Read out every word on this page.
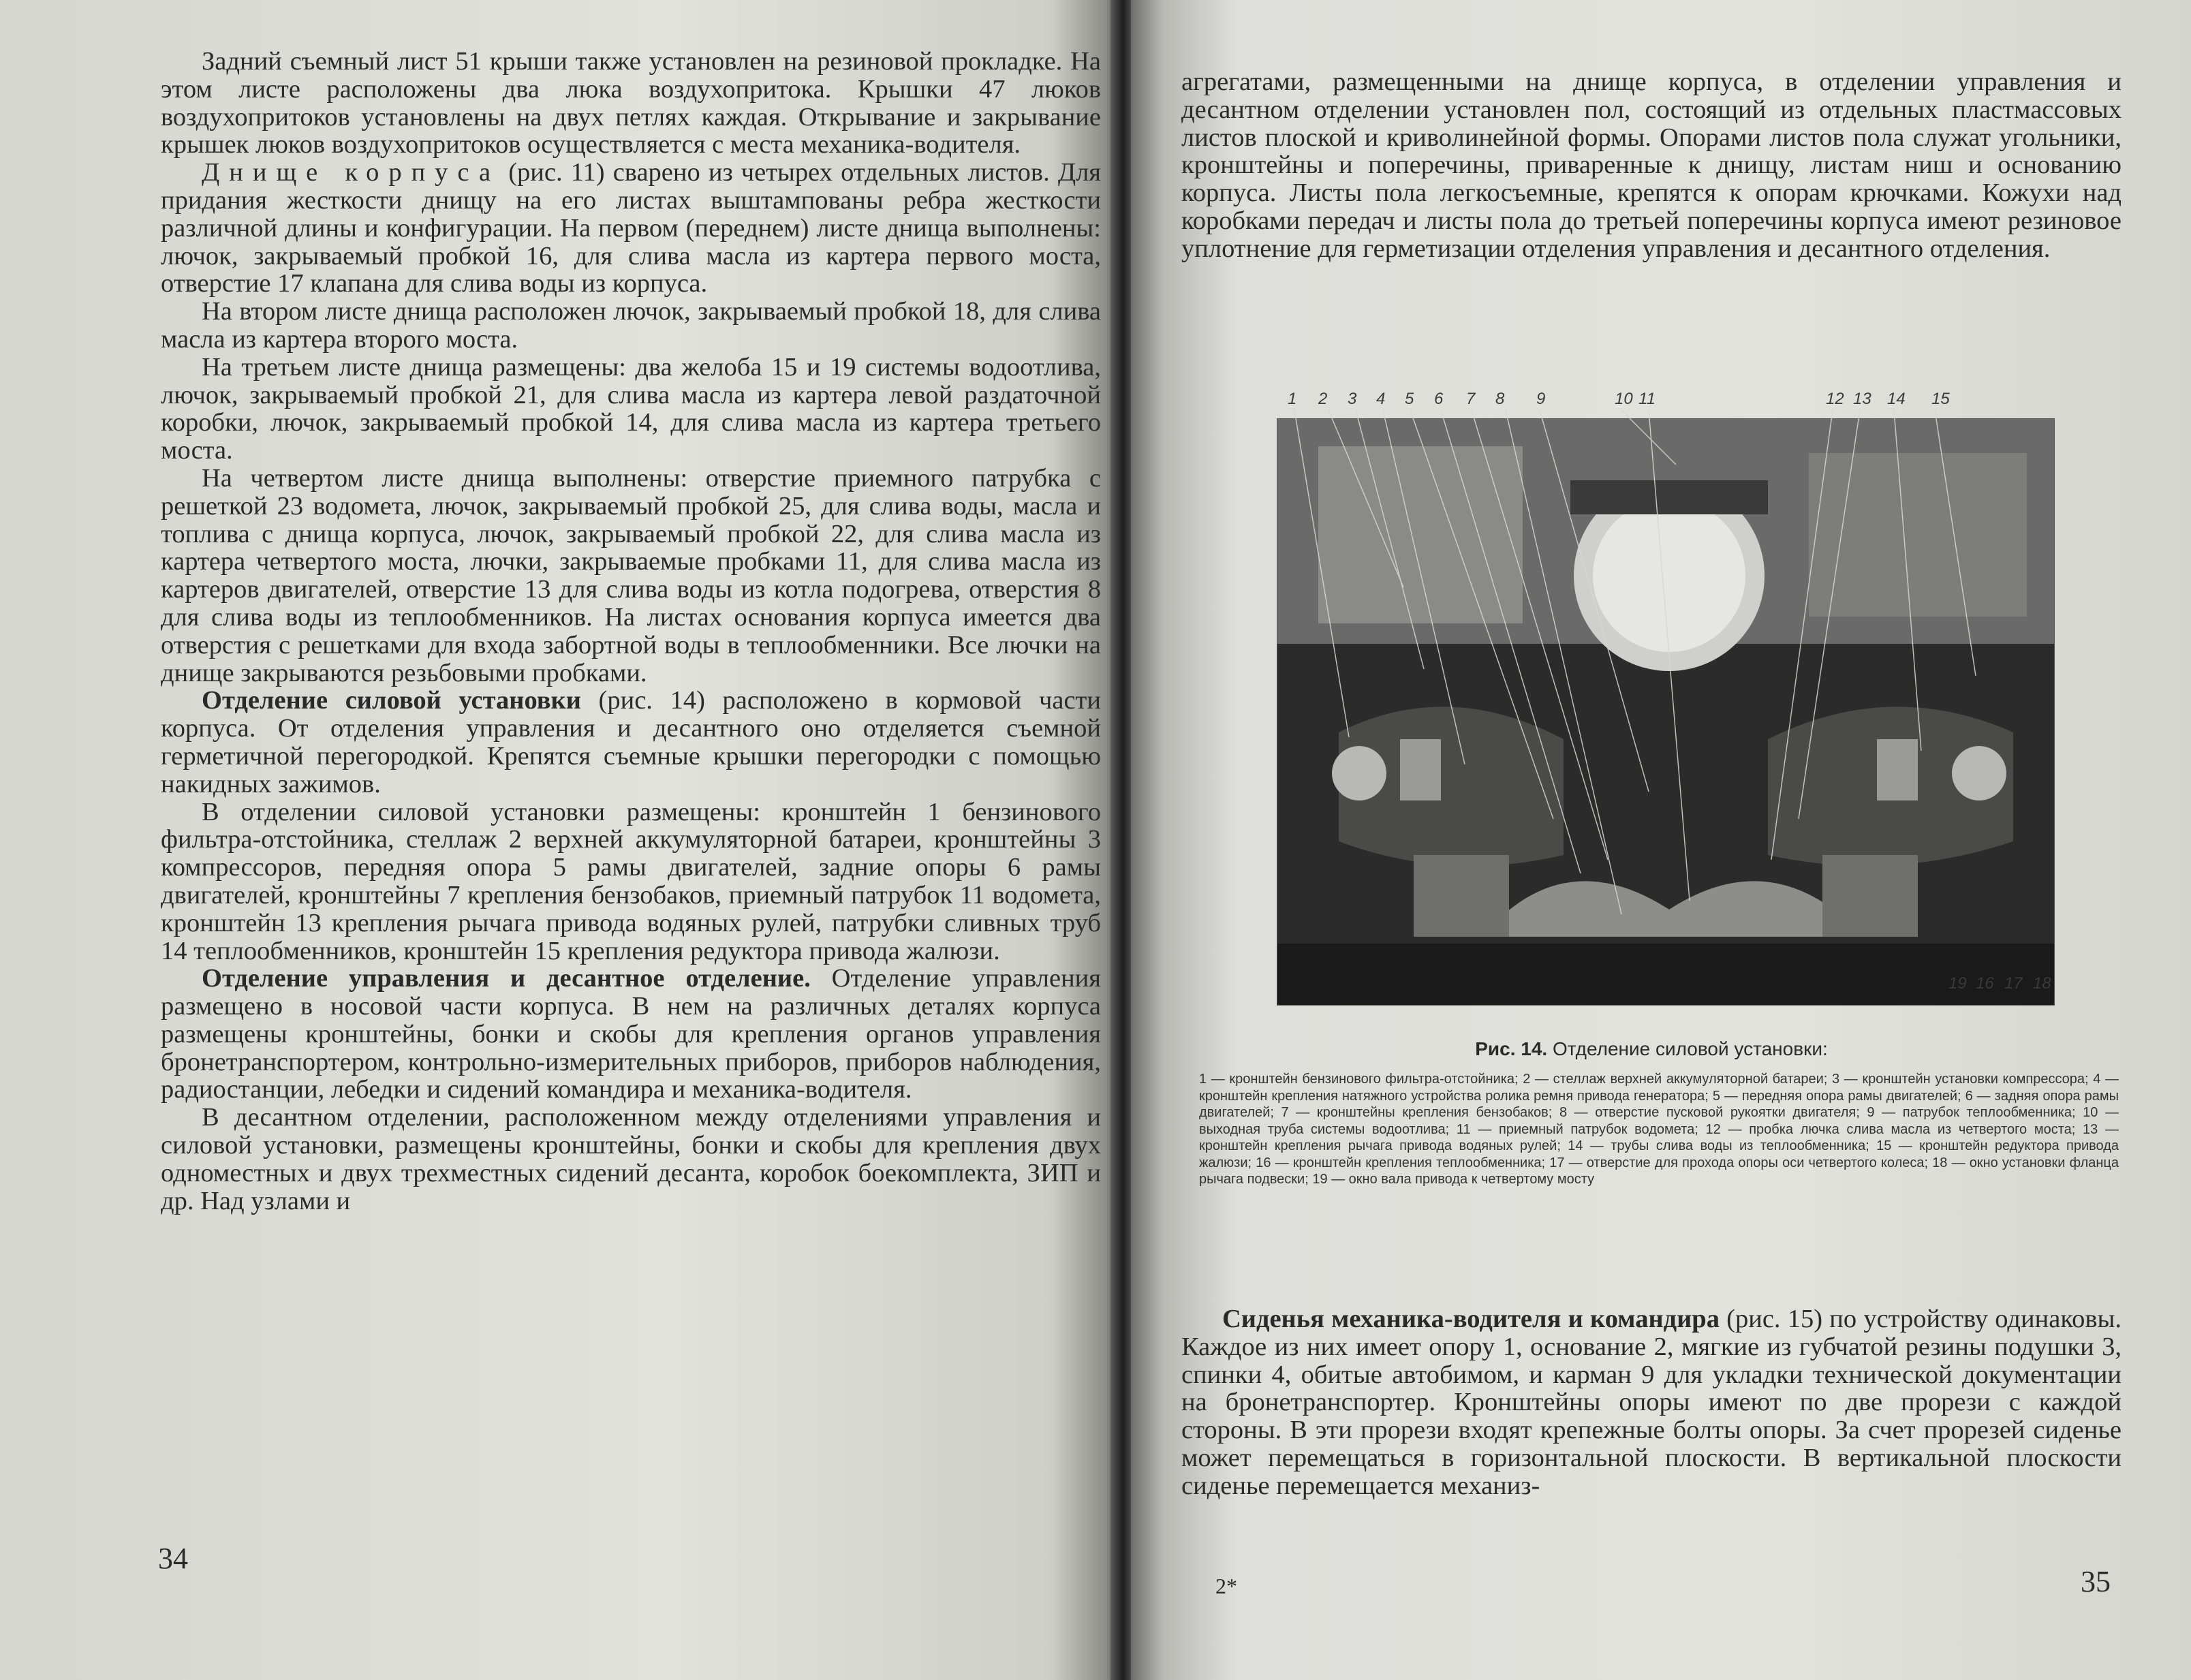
Задний съемный лист 51 крыши также установлен на резиновой прокладке. На этом листе расположены два люка воздухопритока. Крышки 47 люков воздухопритоков установлены на двух петлях каждая. Открывание и закрывание крышек люков воздухопритоков осуществляется с места механика-водителя.

Днище корпуса (рис. 11) сварено из четырех отдельных листов. Для придания жесткости днищу на его листах выштампованы ребра жесткости различной длины и конфигурации. На первом (переднем) листе днища выполнены: лючок, закрываемый пробкой 16, для слива масла из картера первого моста, отверстие 17 клапана для слива воды из корпуса.

На втором листе днища расположен лючок, закрываемый пробкой 18, для слива масла из картера второго моста.

На третьем листе днища размещены: два желоба 15 и 19 системы водоотлива, лючок, закрываемый пробкой 21, для слива масла из картера левой раздаточной коробки, лючок, закрываемый пробкой 14, для слива масла из картера третьего моста.

На четвертом листе днища выполнены: отверстие приемного патрубка с решеткой 23 водомета, лючок, закрываемый пробкой 25, для слива воды, масла и топлива с днища корпуса, лючок, закрываемый пробкой 22, для слива масла из картера четвертого моста, лючки, закрываемые пробками 11, для слива масла из картеров двигателей, отверстие 13 для слива воды из котла подогрева, отверстия 8 для слива воды из теплообменников. На листах основания корпуса имеется два отверстия с решетками для входа забортной воды в теплообменники. Все лючки на днище закрываются резьбовыми пробками.

Отделение силовой установки (рис. 14) расположено в кормовой части корпуса. От отделения управления и десантного оно отделяется съемной герметичной перегородкой. Крепятся съемные крышки перегородки с помощью накидных зажимов.

В отделении силовой установки размещены: кронштейн 1 бензинового фильтра-отстойника, стеллаж 2 верхней аккумуляторной батареи, кронштейны 3 компрессоров, передняя опора 5 рамы двигателей, задние опоры 6 рамы двигателей, кронштейны 7 крепления бензобаков, приемный патрубок 11 водомета, кронштейн 13 крепления рычага привода водяных рулей, патрубки сливных труб 14 теплообменников, кронштейн 15 крепления редуктора привода жалюзи.

Отделение управления и десантное отделение. Отделение управления размещено в носовой части корпуса. В нем на различных деталях корпуса размещены кронштейны, бонки и скобы для крепления органов управления бронетранспортером, контрольно-измерительных приборов, приборов наблюдения, радиостанции, лебедки и сидений командира и механика-водителя.

В десантном отделении, расположенном между отделениями управления и силовой установки, размещены кронштейны, бонки и скобы для крепления двух одноместных и двух трехместных сидений десанта, коробок боекомплекта, ЗИП и др. Над узлами и

34

агрегатами, размещенными на днище корпуса, в отделении управления и десантном отделении установлен пол, состоящий из отдельных пластмассовых листов плоской и криволинейной формы. Опорами листов пола служат угольники, кронштейны и поперечины, приваренные к днищу, листам ниш и основанию корпуса. Листы пола легкосъемные, крепятся к опорам крючками. Кожухи над коробками передач и листы пола до третьей поперечины корпуса имеют резиновое уплотнение для герметизации отделения управления и десантного отделения.

1 2 3 4 5 6 7 8 9	10 11	12 13 14 15
19 16 17 18
Рис. 14. Отделение силовой установки:
1 — кронштейн бензинового фильтра-отстойника; 2 — стеллаж верхней аккумуляторной батареи; 3 — кронштейн установки компрессора; 4 — кронштейн крепления натяжного устройства ролика ремня привода генератора; 5 — передняя опора рамы двигателей; 6 — задняя опора рамы двигателей; 7 — кронштейны крепления бензобаков; 8 — отверстие пусковой рукоятки двигателя; 9 — патрубок теплообменника; 10 — выходная труба системы водоотлива; 11 — приемный патрубок водомета; 12 — пробка лючка слива масла из четвертого моста; 13 — кронштейн крепления рычага привода водяных рулей; 14 — трубы слива воды из теплообменника; 15 — кронштейн редуктора привода жалюзи; 16 — кронштейн крепления теплообменника; 17 — отверстие для прохода опоры оси четвертого колеса; 18 — окно установки фланца рычага подвески; 19 — окно вала привода к четвертому мосту

Сиденья механика-водителя и командира (рис. 15) по устройству одинаковы. Каждое из них имеет опору 1, основание 2, мягкие из губчатой резины подушки 3, спинки 4, обитые автобимом, и карман 9 для укладки технической документации на бронетранспортер. Кронштейны опоры имеют по две прорези с каждой стороны. В эти прорези входят крепежные болты опоры. За счет прорезей сиденье может перемещаться в горизонтальной плоскости. В вертикальной плоскости сиденье перемещается механиз-

2*	35
